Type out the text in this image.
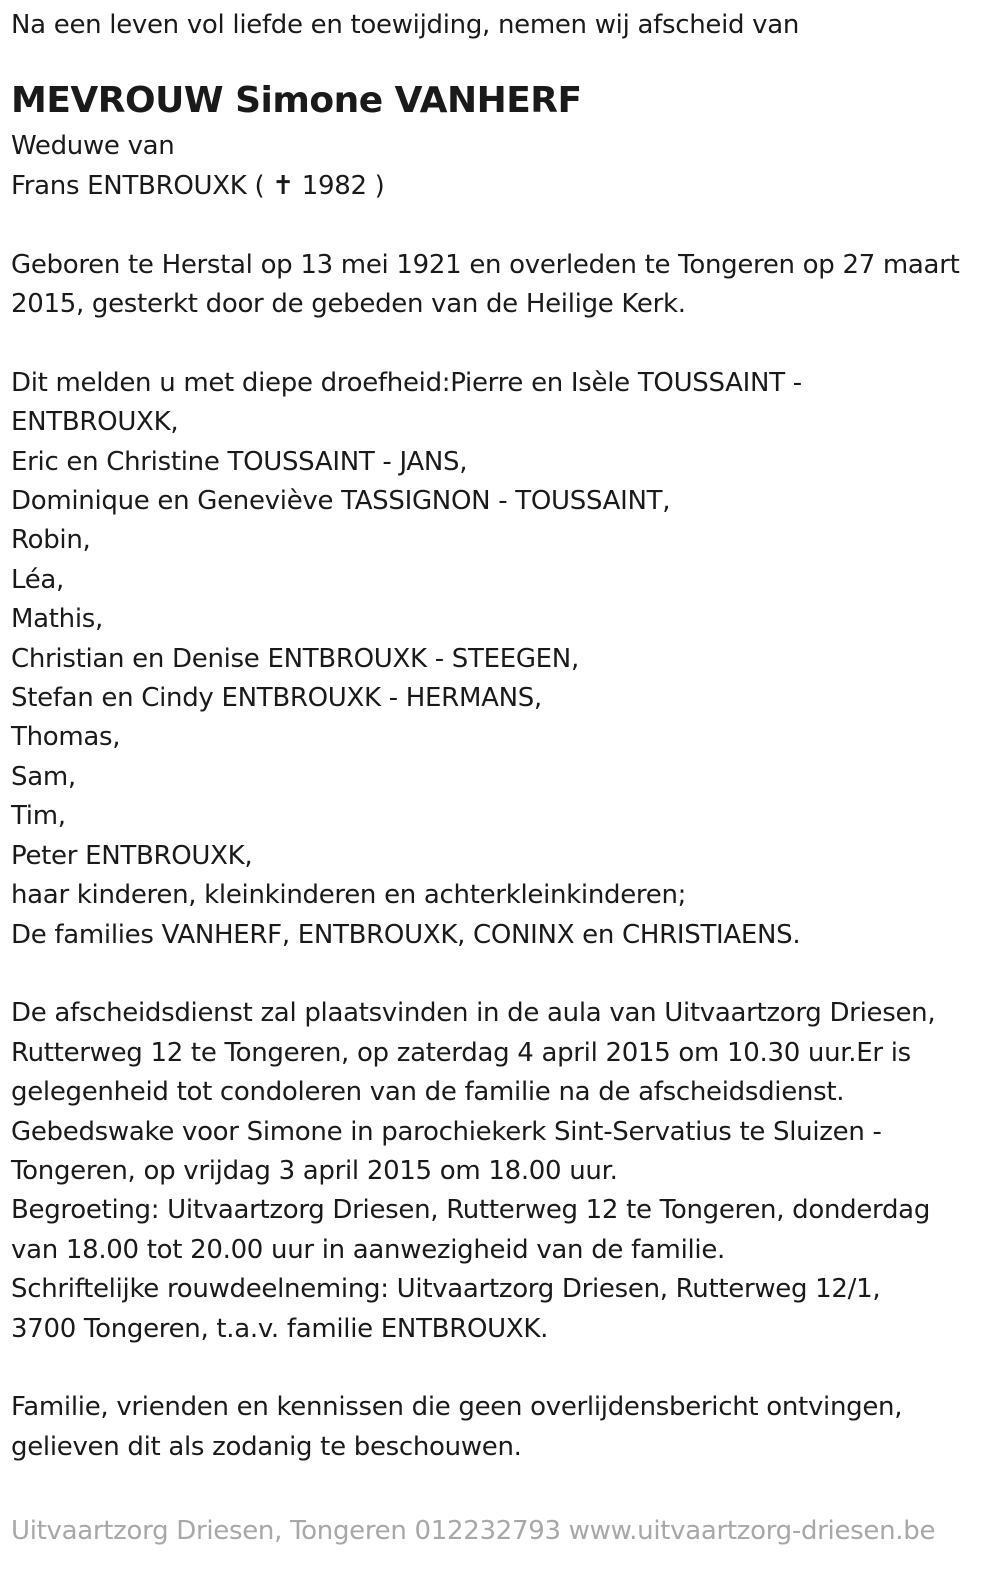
Na een leven vol liefde en toewijding, nemen wij afscheid van
MEVROUW Simone VANHERF
Weduwe van
Frans ENTBROUXK ( ✝ 1982 )
Geboren te Herstal op 13 mei 1921 en overleden te Tongeren op 27 maart
2015, gesterkt door de gebeden van de Heilige Kerk.
Dit melden u met diepe droefheid:Pierre en Isèle TOUSSAINT -
ENTBROUXK,
Eric en Christine TOUSSAINT - JANS,
Dominique en Geneviève TASSIGNON - TOUSSAINT,
Robin,
Léa,
Mathis,
Christian en Denise ENTBROUXK - STEEGEN,
Stefan en Cindy ENTBROUXK - HERMANS,
Thomas,
Sam,
Tim,
Peter ENTBROUXK,
haar kinderen, kleinkinderen en achterkleinkinderen;
De families VANHERF, ENTBROUXK, CONINX en CHRISTIAENS.
De afscheidsdienst zal plaatsvinden in de aula van Uitvaartzorg Driesen,
Rutterweg 12 te Tongeren, op zaterdag 4 april 2015 om 10.30 uur.Er is
gelegenheid tot condoleren van de familie na de afscheidsdienst.
Gebedswake voor Simone in parochiekerk Sint-Servatius te Sluizen -
Tongeren, op vrijdag 3 april 2015 om 18.00 uur.
Begroeting: Uitvaartzorg Driesen, Rutterweg 12 te Tongeren, donderdag
van 18.00 tot 20.00 uur in aanwezigheid van de familie.
Schriftelijke rouwdeelneming: Uitvaartzorg Driesen, Rutterweg 12/1,
3700 Tongeren, t.a.v. familie ENTBROUXK.
Familie, vrienden en kennissen die geen overlijdensbericht ontvingen,
gelieven dit als zodanig te beschouwen.
Uitvaartzorg Driesen, Tongeren 012232793 www.uitvaartzorg-driesen.be
